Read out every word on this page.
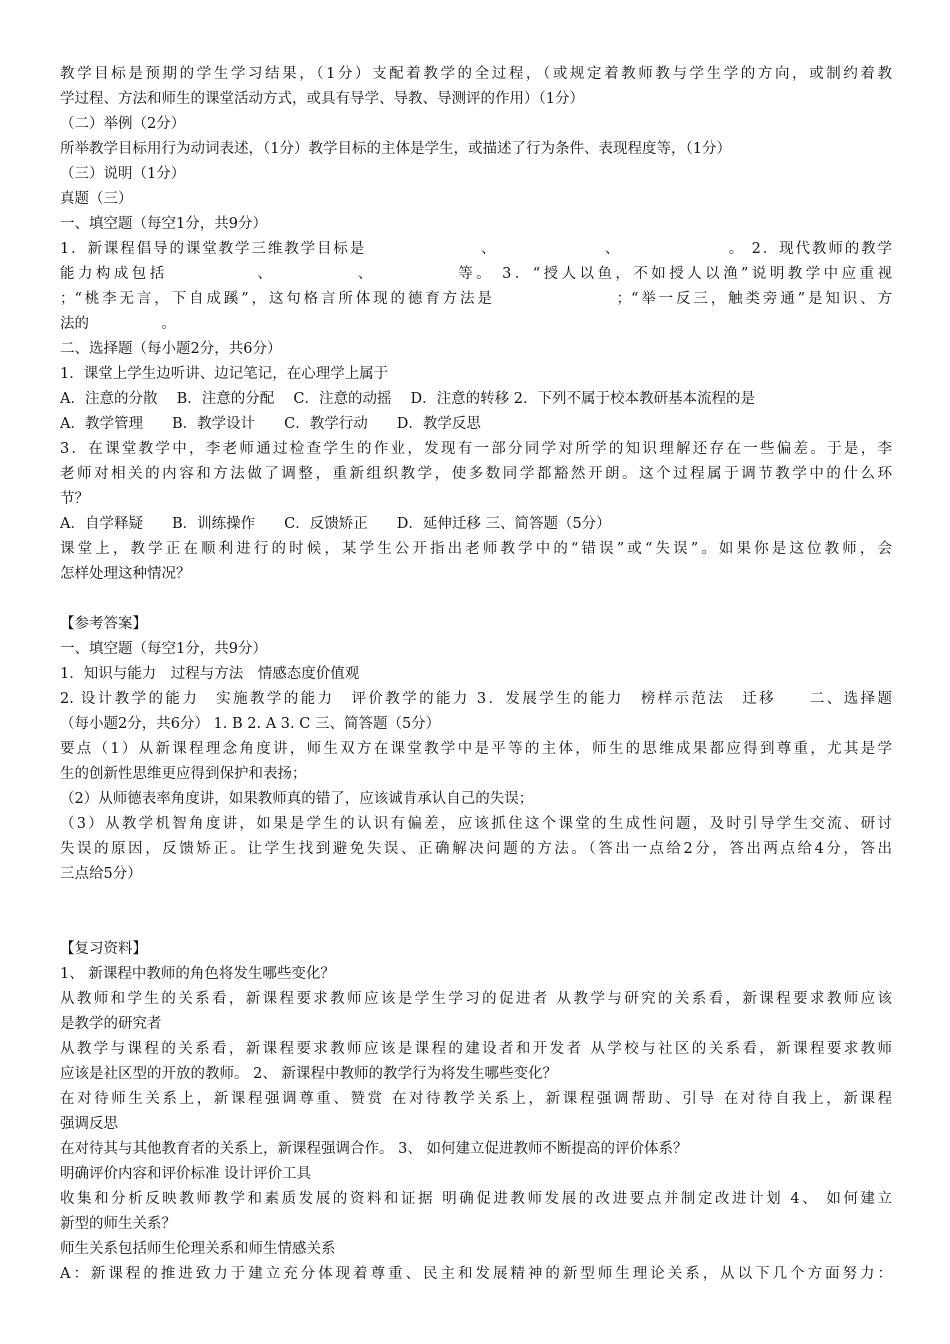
教学目标是预期的学生学习结果，（1分）支配着教学的全过程，（或规定着教师教与学生学的方向，或制约着教
学过程、方法和师生的课堂活动方式，或具有导学、导教、导测评的作用）（1分）
（二）举例（2分）
所举教学目标用行为动词表述，（1分）教学目标的主体是学生，或描述了行为条件、表现程度等，（1分）
（三）说明（1分）
真题（三）
一、填空题（每空1分，共9分）
1．新课程倡导的课堂教学三维教学目标是　　　　　　　、　　　　　　　、　　　　　　　。 2．现代教师的教学
能力构成包括　　　　　、　　　　　、　　　　　等。 3．“授人以鱼，不如授人以渔”说明教学中应重视
；“桃李无言，下自成蹊”，这句格言所体现的德育方法是　　　　　　　；“举一反三，触类旁通”是知识、方
法的　　　　　。
二、选择题（每小题2分，共6分）
1．课堂上学生边听讲、边记笔记，在心理学上属于
A．注意的分散　 B．注意的分配　 C．注意的动摇　 D．注意的转移 2．下列不属于校本教研基本流程的是
A．教学管理　　B．教学设计　　C．教学行动　　D．教学反思
3．在课堂教学中，李老师通过检查学生的作业，发现有一部分同学对所学的知识理解还存在一些偏差。于是，李
老师对相关的内容和方法做了调整，重新组织教学，使多数同学都豁然开朗。这个过程属于调节教学中的什么环
节？
A．自学释疑　　B．训练操作　　C．反馈矫正　　D．延伸迁移 三、简答题（5分）
课堂上，教学正在顺利进行的时候，某学生公开指出老师教学中的“错误”或“失误”。如果你是这位教师，会
怎样处理这种情况？
【参考答案】
一、填空题（每空1分，共9分）
1．知识与能力　过程与方法　情感态度价值观
2. 设计教学的能力　实施教学的能力　评价教学的能力 3．发展学生的能力　榜样示范法　迁移　　二、选择题
（每小题2分，共6分） 1. B 2. A 3. C 三、简答题（5分）
要点（1）从新课程理念角度讲，师生双方在课堂教学中是平等的主体，师生的思维成果都应得到尊重，尤其是学
生的创新性思维更应得到保护和表扬；
（2）从师德表率角度讲，如果教师真的错了，应该诚肯承认自己的失误；
（3）从教学机智角度讲，如果是学生的认识有偏差，应该抓住这个课堂的生成性问题，及时引导学生交流、研讨
失误的原因，反馈矫正。让学生找到避免失误、正确解决问题的方法。（答出一点给2分，答出两点给4分，答出
三点给5分）
【复习资料】
1、 新课程中教师的角色将发生哪些变化？
从教师和学生的关系看，新课程要求教师应该是学生学习的促进者 从教学与研究的关系看，新课程要求教师应该
是教学的研究者
从教学与课程的关系看，新课程要求教师应该是课程的建设者和开发者 从学校与社区的关系看，新课程要求教师
应该是社区型的开放的教师。 2、 新课程中教师的教学行为将发生哪些变化？
在对待师生关系上，新课程强调尊重、赞赏 在对待教学关系上，新课程强调帮助、引导 在对待自我上，新课程
强调反思
在对待其与其他教育者的关系上，新课程强调合作。 3、 如何建立促进教师不断提高的评价体系？
明确评价内容和评价标准 设计评价工具
收集和分析反映教师教学和素质发展的资料和证据 明确促进教师发展的改进要点并制定改进计划 4、 如何建立
新型的师生关系？
师生关系包括师生伦理关系和师生情感关系
A：新课程的推进致力于建立充分体现着尊重、民主和发展精神的新型师生理论关系，从以下几个方面努力：
